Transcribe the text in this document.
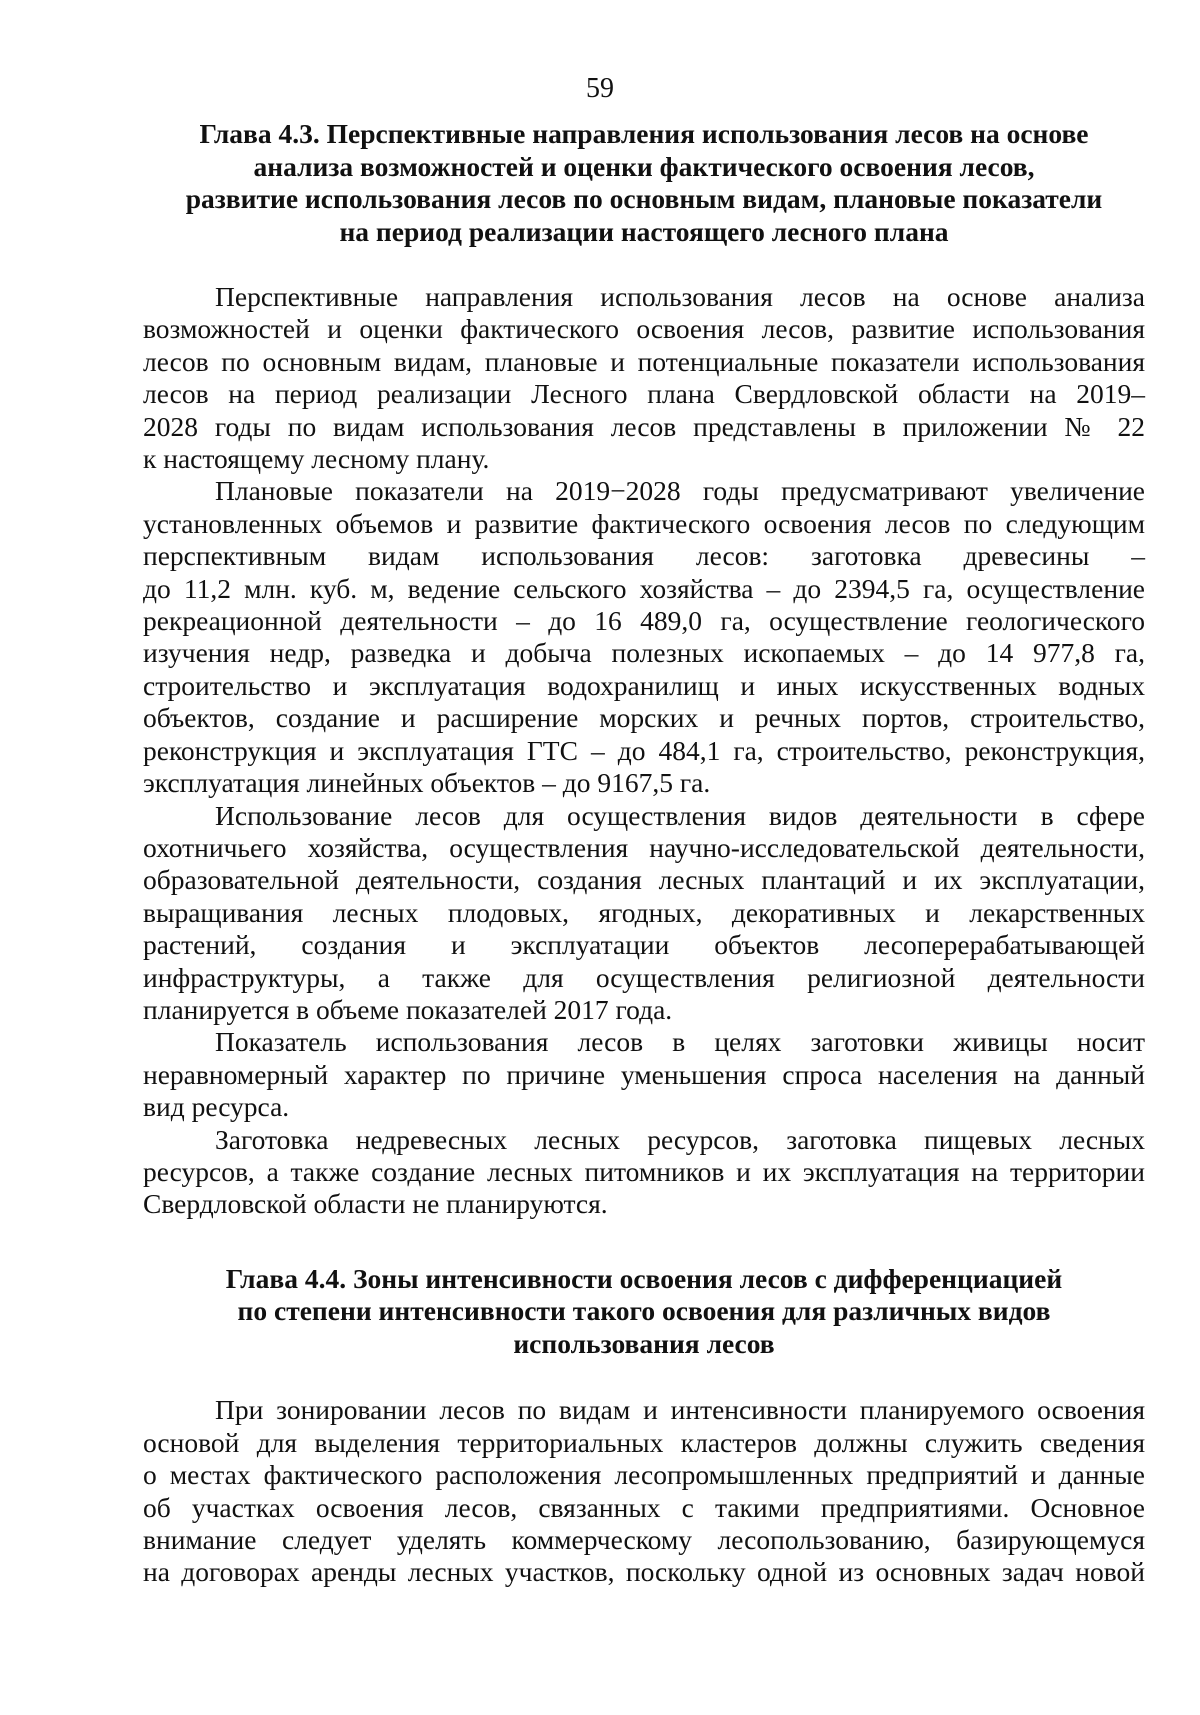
59
Глава 4.3. Перспективные направления использования лесов на основе
анализа возможностей и оценки фактического освоения лесов,
развитие использования лесов по основным видам, плановые показатели
на период реализации настоящего лесного плана
Перспективные направления использования лесов на основе анализа
возможностей и оценки фактического освоения лесов, развитие использования
лесов по основным видам, плановые и потенциальные показатели использования
лесов на период реализации Лесного плана Свердловской области на 2019–
2028 годы по видам использования лесов представлены в приложении № 22
к настоящему лесному плану.
Плановые показатели на 2019−2028 годы предусматривают увеличение
установленных объемов и развитие фактического освоения лесов по следующим
перспективным видам использования лесов: заготовка древесины –
до 11,2 млн. куб. м, ведение сельского хозяйства – до 2394,5 га, осуществление
рекреационной деятельности – до 16 489,0 га, осуществление геологического
изучения недр, разведка и добыча полезных ископаемых – до 14 977,8 га,
строительство и эксплуатация водохранилищ и иных искусственных водных
объектов, создание и расширение морских и речных портов, строительство,
реконструкция и эксплуатация ГТС – до 484,1 га, строительство, реконструкция,
эксплуатация линейных объектов – до 9167,5 га.
Использование лесов для осуществления видов деятельности в сфере
охотничьего хозяйства, осуществления научно-исследовательской деятельности,
образовательной деятельности, создания лесных плантаций и их эксплуатации,
выращивания лесных плодовых, ягодных, декоративных и лекарственных
растений, создания и эксплуатации объектов лесоперерабатывающей
инфраструктуры, а также для осуществления религиозной деятельности
планируется в объеме показателей 2017 года.
Показатель использования лесов в целях заготовки живицы носит
неравномерный характер по причине уменьшения спроса населения на данный
вид ресурса.
Заготовка недревесных лесных ресурсов, заготовка пищевых лесных
ресурсов, а также создание лесных питомников и их эксплуатация на территории
Свердловской области не планируются.
Глава 4.4. Зоны интенсивности освоения лесов с дифференциацией
по степени интенсивности такого освоения для различных видов
использования лесов
При зонировании лесов по видам и интенсивности планируемого освоения
основой для выделения территориальных кластеров должны служить сведения
о местах фактического расположения лесопромышленных предприятий и данные
об участках освоения лесов, связанных с такими предприятиями. Основное
внимание следует уделять коммерческому лесопользованию, базирующемуся
на договорах аренды лесных участков, поскольку одной из основных задач новой
